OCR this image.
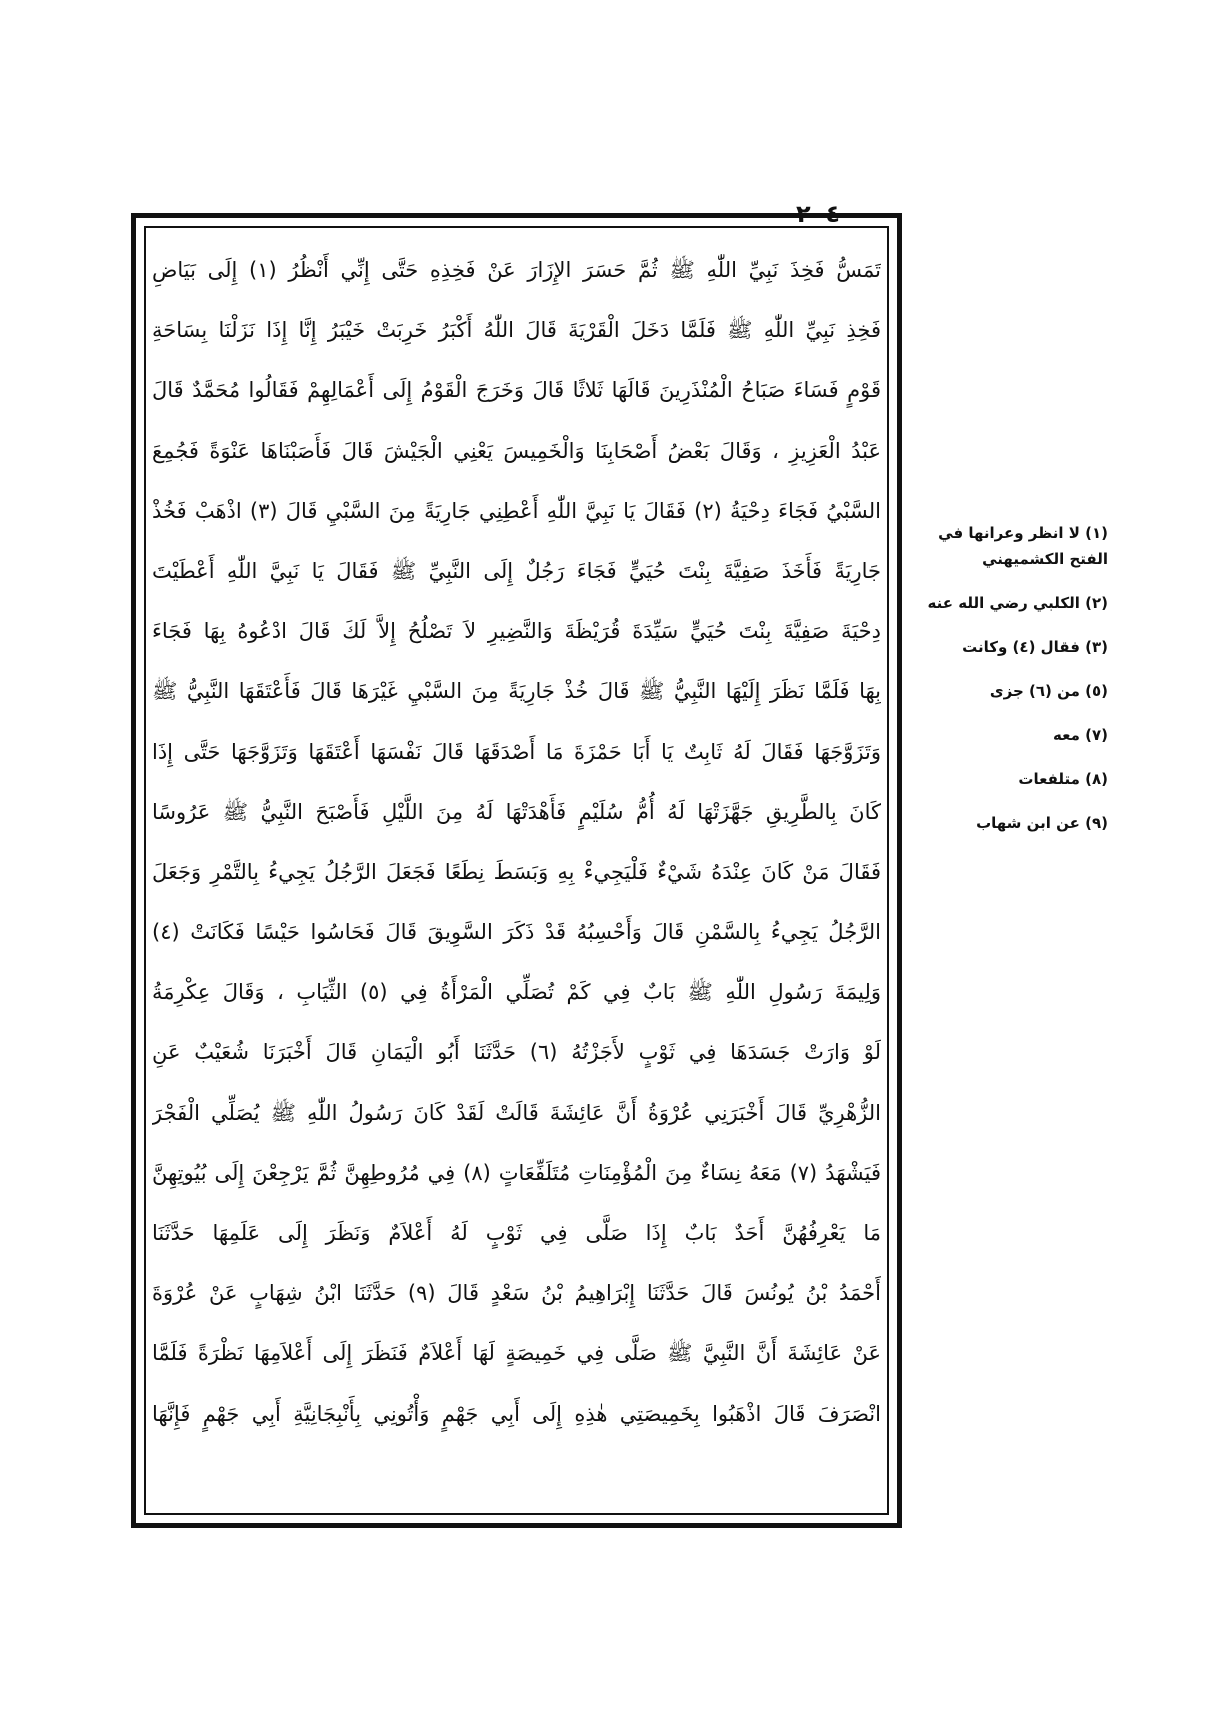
٢٠٤
تَمَسُّ فَخِذَ نَبِيِّ اللّٰهِ ﷺ ثُمَّ حَسَرَ الإِزَارَ عَنْ فَخِذِهِ حَتَّى إِنِّي أَنْظُرُ (١) إِلَى بَيَاضِ
فَخِذِ نَبِيِّ اللّٰهِ ﷺ فَلَمَّا دَخَلَ الْقَرْيَةَ قَالَ اللّٰهُ أَكْبَرُ خَرِبَتْ خَيْبَرُ إِنَّا إِذَا نَزَلْنَا بِسَاحَةِ
قَوْمٍ فَسَاءَ صَبَاحُ الْمُنْذَرِينَ قَالَهَا ثَلاثًا قَالَ وَخَرَجَ الْقَوْمُ إِلَى أَعْمَالِهِمْ فَقَالُوا مُحَمَّدٌ قَالَ
عَبْدُ الْعَزِيزِ ، وَقَالَ بَعْضُ أَصْحَابِنَا وَالْخَمِيسَ يَعْنِي الْجَيْشَ قَالَ فَأَصَبْنَاهَا عَنْوَةً فَجُمِعَ
السَّبْيُ فَجَاءَ دِحْيَةُ (٢) فَقَالَ يَا نَبِيَّ اللّٰهِ أَعْطِنِي جَارِيَةً مِنَ السَّبْيِ قَالَ (٣) اذْهَبْ فَخُذْ
جَارِيَةً فَأَخَذَ صَفِيَّةَ بِنْتَ حُيَيٍّ فَجَاءَ رَجُلٌ إِلَى النَّبِيِّ ﷺ فَقَالَ يَا نَبِيَّ اللّٰهِ أَعْطَيْتَ
دِحْيَةَ صَفِيَّةَ بِنْتَ حُيَيٍّ سَيِّدَةَ قُرَيْظَةَ وَالنَّضِيرِ لاَ تَصْلُحُ إِلاَّ لَكَ قَالَ ادْعُوهُ بِهَا فَجَاءَ
بِهَا فَلَمَّا نَظَرَ إِلَيْهَا النَّبِيُّ ﷺ قَالَ خُذْ جَارِيَةً مِنَ السَّبْيِ غَيْرَهَا قَالَ فَأَعْتَقَهَا النَّبِيُّ ﷺ
وَتَزَوَّجَهَا فَقَالَ لَهُ ثَابِتٌ يَا أَبَا حَمْزَةَ مَا أَصْدَقَهَا قَالَ نَفْسَهَا أَعْتَقَهَا وَتَزَوَّجَهَا حَتَّى إِذَا
كَانَ بِالطَّرِيقِ جَهَّزَتْهَا لَهُ أُمُّ سُلَيْمٍ فَأَهْدَتْهَا لَهُ مِنَ اللَّيْلِ فَأَصْبَحَ النَّبِيُّ ﷺ عَرُوسًا
فَقَالَ مَنْ كَانَ عِنْدَهُ شَيْءٌ فَلْيَجِيءْ بِهِ وَبَسَطَ نِطَعًا فَجَعَلَ الرَّجُلُ يَجِيءُ بِالتَّمْرِ وَجَعَلَ
الرَّجُلُ يَجِيءُ بِالسَّمْنِ قَالَ وَأَحْسِبُهُ قَدْ ذَكَرَ السَّوِيقَ قَالَ فَحَاسُوا حَيْسًا فَكَانَتْ (٤)
وَلِيمَةَ رَسُولِ اللّٰهِ ﷺ بَابٌ فِي كَمْ تُصَلِّي الْمَرْأَةُ فِي (٥) الثِّيَابِ ، وَقَالَ عِكْرِمَةُ
لَوْ وَارَتْ جَسَدَهَا فِي ثَوْبٍ لأَجَزْتُهُ (٦) حَدَّثَنَا أَبُو الْيَمَانِ قَالَ أَخْبَرَنَا شُعَيْبٌ عَنِ
الزُّهْرِيِّ قَالَ أَخْبَرَنِي عُرْوَةُ أَنَّ عَائِشَةَ قَالَتْ لَقَدْ كَانَ رَسُولُ اللّٰهِ ﷺ يُصَلِّي الْفَجْرَ
فَيَشْهَدُ (٧) مَعَهُ نِسَاءٌ مِنَ الْمُؤْمِنَاتِ مُتَلَفِّعَاتٍ (٨) فِي مُرُوطِهِنَّ ثُمَّ يَرْجِعْنَ إِلَى بُيُوتِهِنَّ
مَا يَعْرِفُهُنَّ أَحَدٌ بَابٌ إِذَا صَلَّى فِي ثَوْبٍ لَهُ أَعْلاَمٌ وَنَظَرَ إِلَى عَلَمِهَا حَدَّثَنَا
أَحْمَدُ بْنُ يُونُسَ قَالَ حَدَّثَنَا إِبْرَاهِيمُ بْنُ سَعْدٍ قَالَ (٩) حَدَّثَنَا ابْنُ شِهَابٍ عَنْ عُرْوَةَ
عَنْ عَائِشَةَ أَنَّ النَّبِيَّ ﷺ صَلَّى فِي خَمِيصَةٍ لَهَا أَعْلاَمٌ فَنَظَرَ إِلَى أَعْلاَمِهَا نَظْرَةً فَلَمَّا
انْصَرَفَ قَالَ اذْهَبُوا بِخَمِيصَتِي هٰذِهِ إِلَى أَبِي جَهْمٍ وَأْتُونِي بِأَنْبِجَانِيَّةِ أَبِي جَهْمٍ فَإِنَّهَا
(١) لا انظر وعرانها في الفتح الكشميهني
(٢) الكلبي رضي الله عنه
(٣) فقال (٤) وكانت
(٥) من (٦) جزى
(٧) معه
(٨) متلفعات
(٩) عن ابن شهاب
